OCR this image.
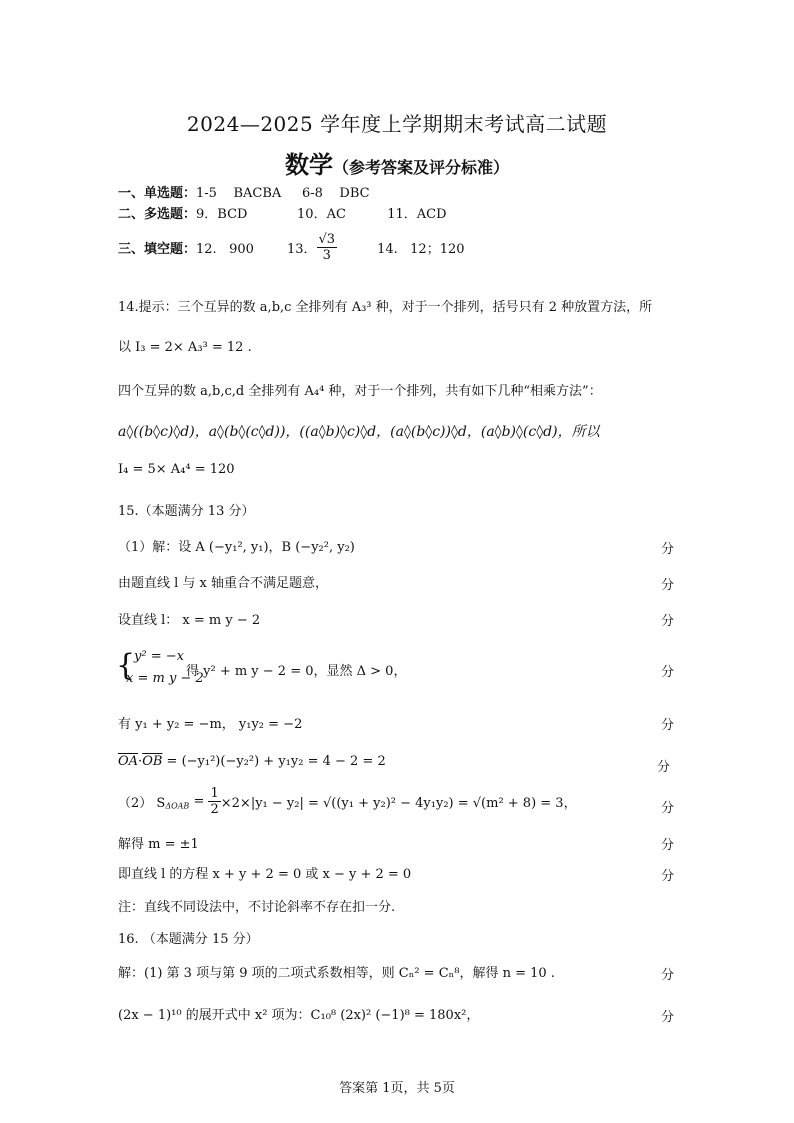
2024—2025 学年度上学期期末考试高二试题
数学（参考答案及评分标准）
一、单选题：1-5    BACBA     6-8    DBC
二、多选题：9．BCD            10．AC          11．ACD
三、填空题：12.   900        13． $\frac{√3}{3}$	14.   12；120
14.提示：三个互异的数 a,b,c 全排列有 A₃³ 种，对于一个排列，括号只有 2 种放置方法，所
以 I₃ = 2× A₃³ = 12 .
四个互异的数 a,b,c,d 全排列有 A₄⁴ 种，对于一个排列，共有如下几种“相乘方法”：
a◊((b◊c)◊d)，a◊(b◊(c◊d))，((a◊b)◊c)◊d，(a◊(b◊c))◊d，(a◊b)◊(c◊d)，所以
I₄ = 5× A₄⁴ = 120
15.（本题满分 13 分）
（1）解：设 A (−y₁², y₁)，B (−y₂², y₂)	分
由题直线 l 与 x 轴重合不满足题意，	分
设直线 l： x = m y − 2	分
{
y² = −x
x = m y − 2
得 y² + m y − 2 = 0，显然 Δ > 0，	分
有 y₁ + y₂ = −m， y₁y₂ = −2	分
$\overline{OA}\cdot\overline{OB} = (-y_1^2)(-y_2^2) + y_1y_2 = 4 - 2 = 2$	分
（2） $S_{\Delta OAB} = \frac{1}{2} \times 2\times|y_1 - y_2| = √((y_1 + y_2)^2 - 4y_1y_2) = √(m^2 + 8) = 3$，	分
解得 m = ±1	分
即直线 l 的方程 x + y + 2 = 0 或 x − y + 2 = 0	分
注：直线不同设法中，不讨论斜率不存在扣一分.
16. （本题满分 15 分）
解：(1) 第 3 项与第 9 项的二项式系数相等，则 Cₙ² = Cₙ⁸，解得 n = 10 .	分
(2x − 1)¹⁰ 的展开式中 x² 项为：C₁₀⁸ (2x)² (−1)⁸ = 180x²，	分
答案第 1页，共 5页
